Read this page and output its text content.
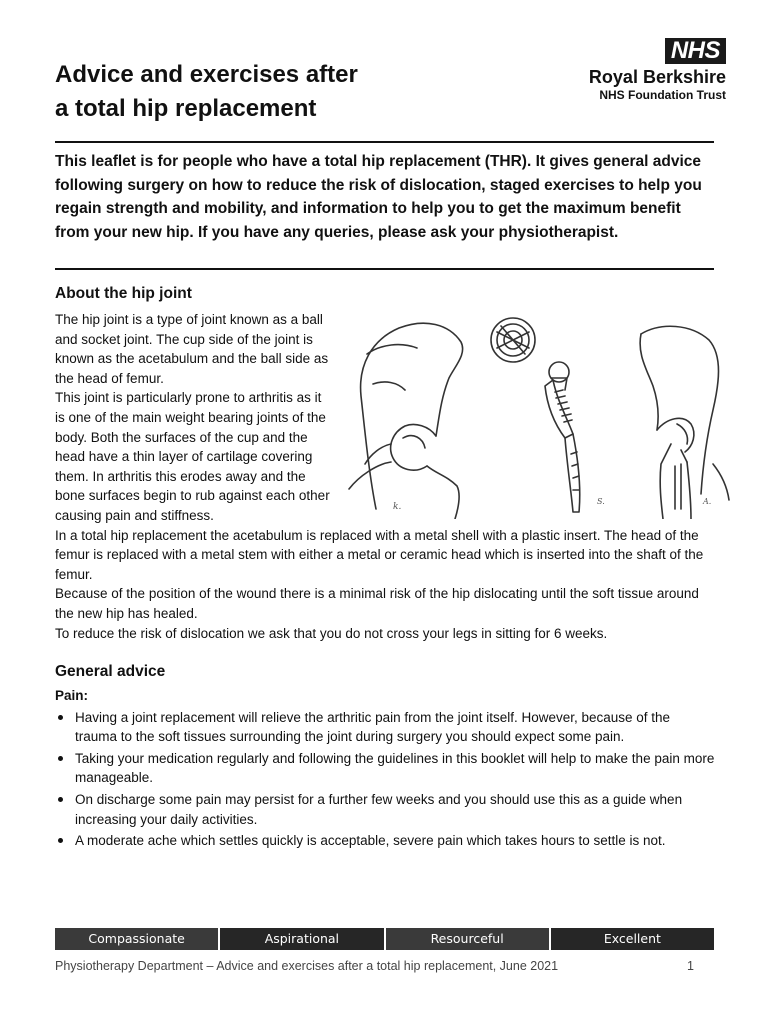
Advice and exercises after
a total hip replacement
NHS
Royal Berkshire
NHS Foundation Trust

This leaflet is for people who have a total hip replacement (THR). It gives general advice following surgery on how to reduce the risk of dislocation, staged exercises to help you regain strength and mobility, and information to help you to get the maximum benefit from your new hip. If you have any queries, please ask your physiotherapist.

About the hip joint
k.
S.	A.

The hip joint is a type of joint known as a ball and socket joint. The cup side of the joint is known as the acetabulum and the ball side as the head of femur.

This joint is particularly prone to arthritis as it is one of the main weight bearing joints of the body. Both the surfaces of the cup and the head have a thin layer of cartilage covering them. In arthritis this erodes away and the bone surfaces begin to rub against each other causing pain and stiffness.

In a total hip replacement the acetabulum is replaced with a metal shell with a plastic insert. The head of the femur is replaced with a metal stem with either a metal or ceramic head which is inserted into the shaft of the femur.

Because of the position of the wound there is a minimal risk of the hip dislocating until the soft tissue around the new hip has healed.

To reduce the risk of dislocation we ask that you do not cross your legs in sitting for 6 weeks.

General advice
Pain:
Having a joint replacement will relieve the arthritic pain from the joint itself. However, because of the trauma to the soft tissues surrounding the joint during surgery you should expect some pain.
Taking your medication regularly and following the guidelines in this booklet will help to make the pain more manageable.
On discharge some pain may persist for a further few weeks and you should use this as a guide when increasing your daily activities.
A moderate ache which settles quickly is acceptable, severe pain which takes hours to settle is not.
Compassionate	Aspirational	Resourceful	Excellent
Physiotherapy Department – Advice and exercises after a total hip replacement, June 2021	1
